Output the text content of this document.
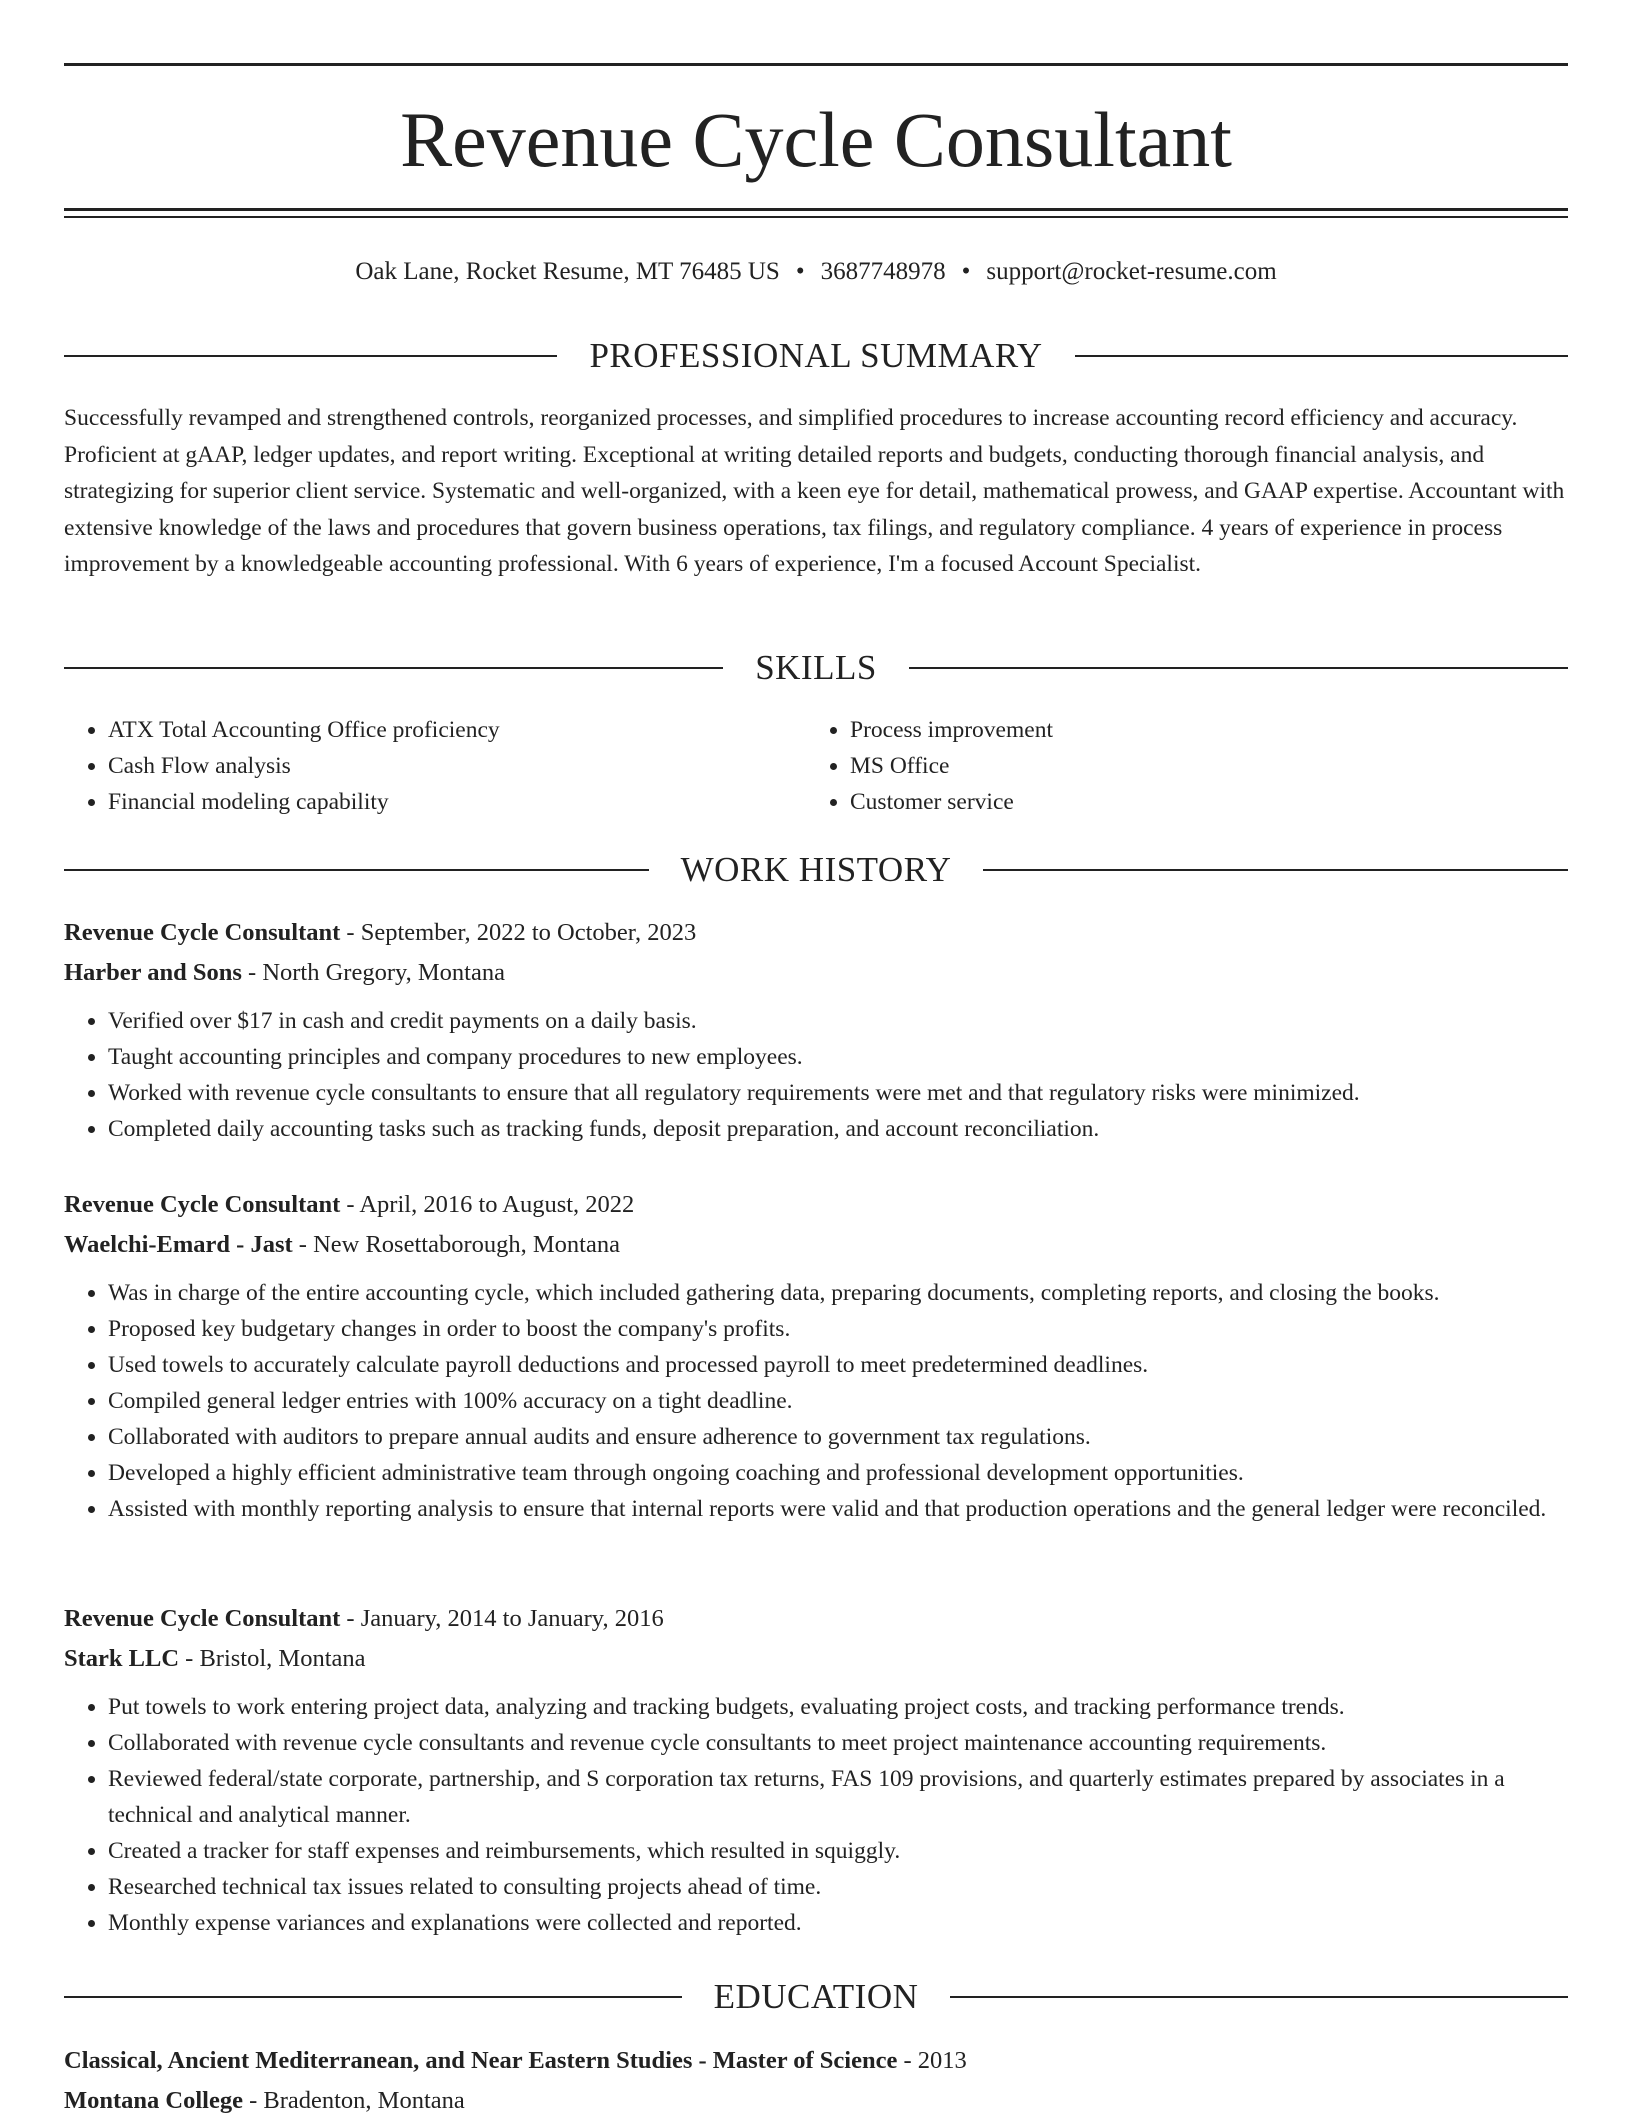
Revenue Cycle Consultant
Oak Lane, Rocket Resume, MT 76485 US • 3687748978 • support@rocket-resume.com
PROFESSIONAL SUMMARY

Successfully revamped and strengthened controls, reorganized processes, and simplified procedures to increase accounting record efficiency and accuracy. Proficient at gAAP, ledger updates, and report writing. Exceptional at writing detailed reports and budgets, conducting thorough financial analysis, and strategizing for superior client service. Systematic and well-organized, with a keen eye for detail, mathematical prowess, and GAAP expertise. Accountant with extensive knowledge of the laws and procedures that govern business operations, tax filings, and regulatory compliance. 4 years of experience in process improvement by a knowledgeable accounting professional. With 6 years of experience, I'm a focused Account Specialist.

SKILLS
• ATX Total Accounting Office proficiency
• Cash Flow analysis
• Financial modeling capability
• Process improvement
• MS Office
• Customer service
WORK HISTORY
Revenue Cycle Consultant - September, 2022 to October, 2023
Harber and Sons - North Gregory, Montana
• Verified over $17 in cash and credit payments on a daily basis.
• Taught accounting principles and company procedures to new employees.
• Worked with revenue cycle consultants to ensure that all regulatory requirements were met and that regulatory risks were minimized.
• Completed daily accounting tasks such as tracking funds, deposit preparation, and account reconciliation.
Revenue Cycle Consultant - April, 2016 to August, 2022
Waelchi-Emard - Jast - New Rosettaborough, Montana
• Was in charge of the entire accounting cycle, which included gathering data, preparing documents, completing reports, and closing the books.
• Proposed key budgetary changes in order to boost the company's profits.
• Used towels to accurately calculate payroll deductions and processed payroll to meet predetermined deadlines.
• Compiled general ledger entries with 100% accuracy on a tight deadline.
• Collaborated with auditors to prepare annual audits and ensure adherence to government tax regulations.
• Developed a highly efficient administrative team through ongoing coaching and professional development opportunities.
• Assisted with monthly reporting analysis to ensure that internal reports were valid and that production operations and the general ledger were reconciled.
Revenue Cycle Consultant - January, 2014 to January, 2016
Stark LLC - Bristol, Montana
• Put towels to work entering project data, analyzing and tracking budgets, evaluating project costs, and tracking performance trends.
• Collaborated with revenue cycle consultants and revenue cycle consultants to meet project maintenance accounting requirements.
• Reviewed federal/state corporate, partnership, and S corporation tax returns, FAS 109 provisions, and quarterly estimates prepared by associates in a technical and analytical manner.
• Created a tracker for staff expenses and reimbursements, which resulted in squiggly.
• Researched technical tax issues related to consulting projects ahead of time.
• Monthly expense variances and explanations were collected and reported.
EDUCATION
Classical, Ancient Mediterranean, and Near Eastern Studies - Master of Science - 2013
Montana College - Bradenton, Montana
